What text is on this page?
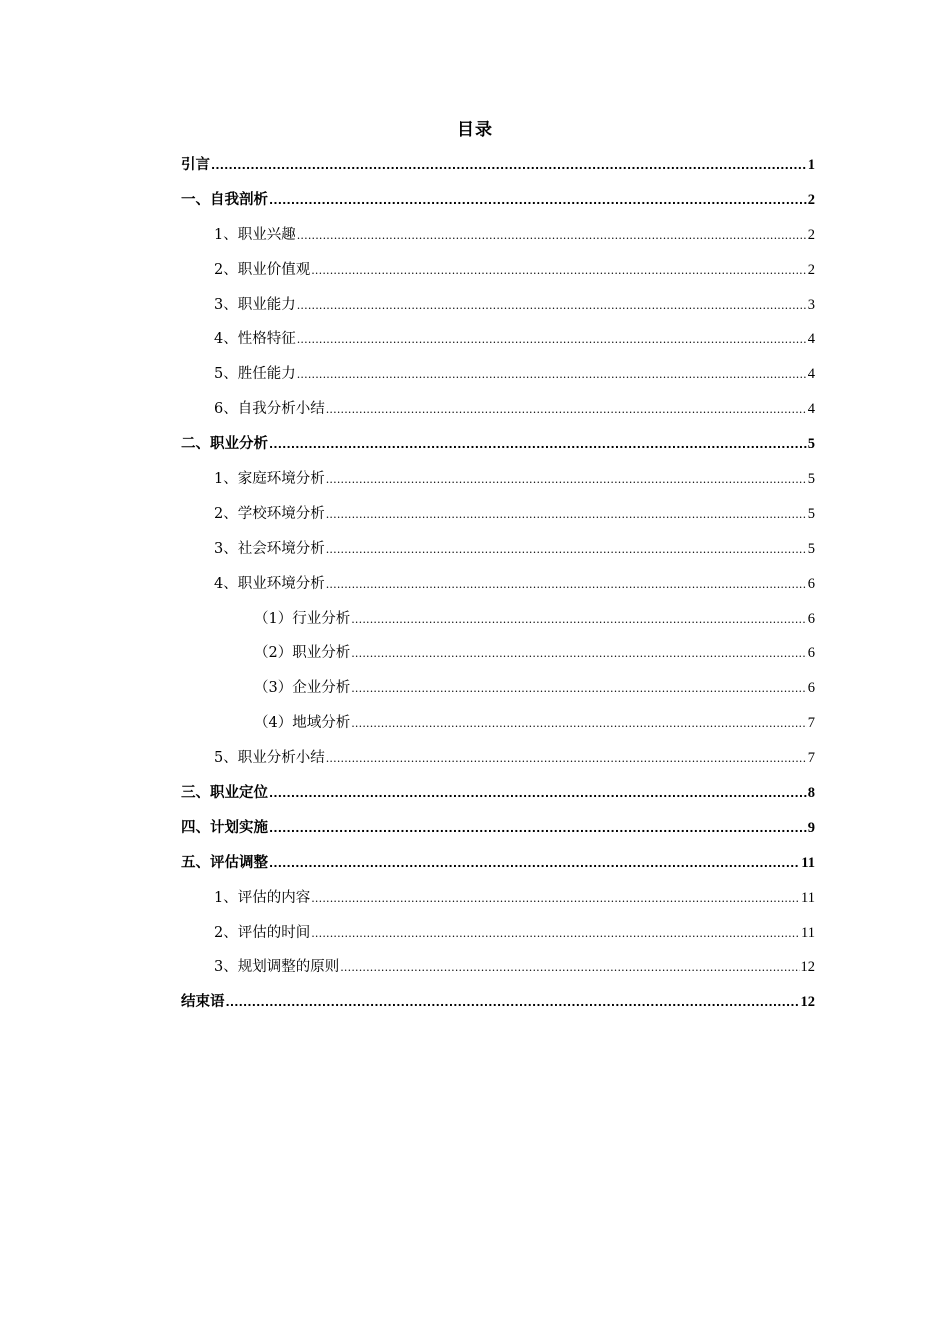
目录
引言 .....	1
一、自我剖析 .....	2
1、职业兴趣 .....	2
2、职业价值观 .....	2
3、职业能力 .....	3
4、性格特征 .....	4
5、胜任能力 .....	4
6、自我分析小结 .....	4
二、职业分析 .....	5
1、家庭环境分析 .....	5
2、学校环境分析 .....	5
3、社会环境分析 .....	5
4、职业环境分析 .....	6
（1）行业分析 .....	6
（2）职业分析 .....	6
（3）企业分析 .....	6
（4）地域分析 .....	7
5、职业分析小结 .....	7
三、职业定位 .....	8
四、计划实施 .....	9
五、评估调整 .....	11
1、评估的内容 .....	11
2、评估的时间 .....	11
3、规划调整的原则 .....	12
结束语 .....	12
